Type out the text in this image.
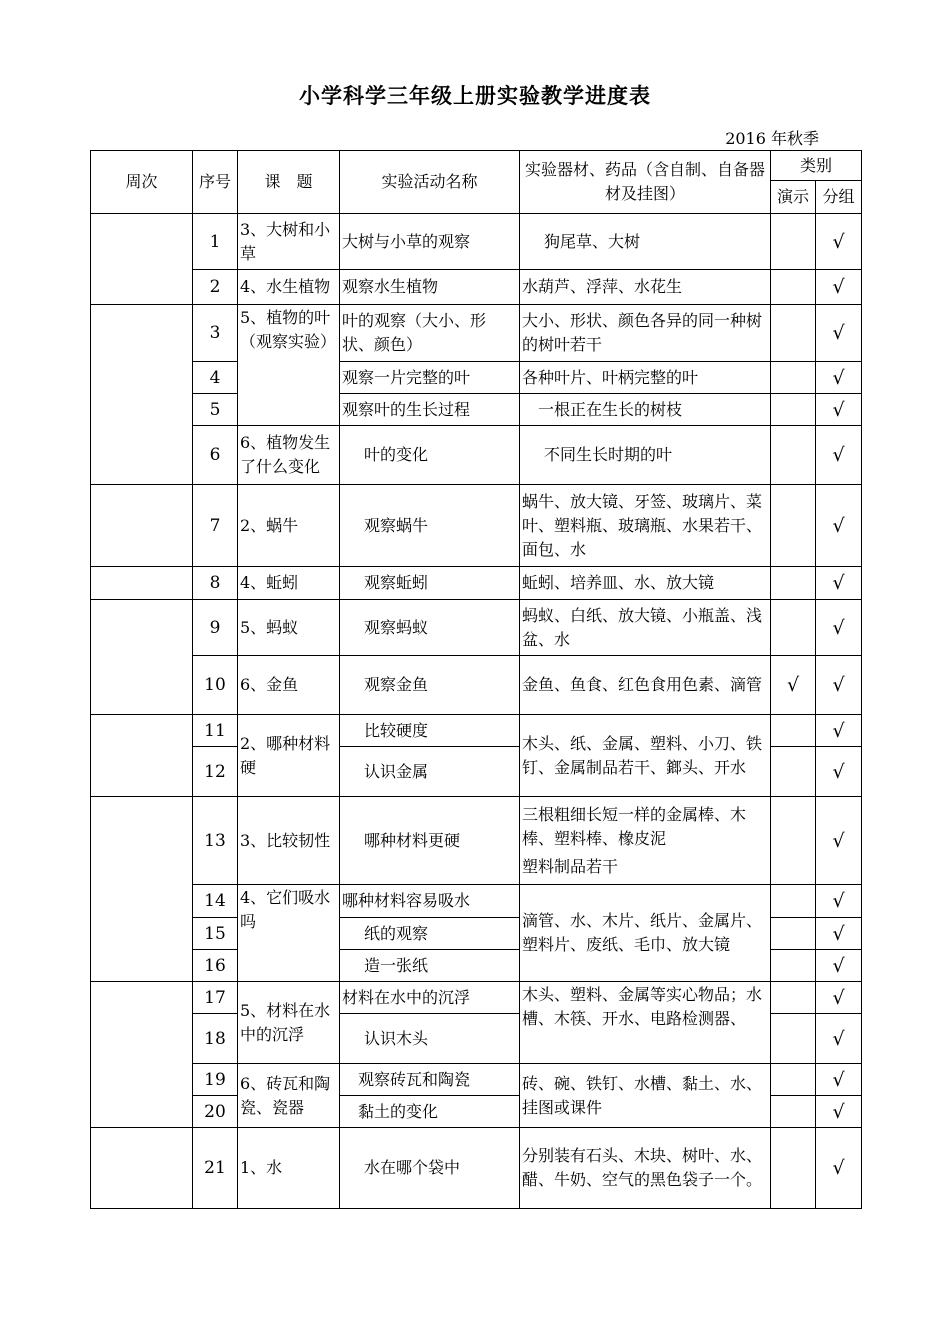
小学科学三年级上册实验教学进度表
2016 年秋季
周次	序号	课　题	实验活动名称	实验器材、药品（含自制、自备器材及挂图）	类别	
					演示	分组
	1	3、大树和小草	大树与小草的观察	狗尾草、大树		√
	2	4、水生植物	观察水生植物	水葫芦、浮萍、水花生		√
	3	5、植物的叶（观察实验）	叶的观察（大小、形状、颜色）	大小、形状、颜色各异的同一种树的树叶若干		√
	4		观察一片完整的叶	各种叶片、叶柄完整的叶		√
	5		观察叶的生长过程	一根正在生长的树枝		√
	6	6、植物发生了什么变化	叶的变化	不同生长时期的叶		√
	7	2、蜗牛	观察蜗牛	蜗牛、放大镜、牙签、玻璃片、菜叶、塑料瓶、玻璃瓶、水果若干、面包、水		√
	8	4、蚯蚓	观察蚯蚓	蚯蚓、培养皿、水、放大镜		√
	9	5、蚂蚁	观察蚂蚁	蚂蚁、白纸、放大镜、小瓶盖、浅盆、水		√
	10	6、金鱼	观察金鱼	金鱼、鱼食、红色食用色素、滴管	√	√
	11	2、哪种材料硬	比较硬度	木头、纸、金属、塑料、小刀、铁钉、金属制品若干、鎯头、开水		√
	12		认识金属			√
	13	3、比较韧性	哪种材料更硬	三根粗细长短一样的金属棒、木棒、塑料棒、橡皮泥
塑料制品若干		√
	14	4、它们吸水吗	哪种材料容易吸水	滴管、水、木片、纸片、金属片、塑料片、废纸、毛巾、放大镜		√
	15		纸的观察			√
	16		造一张纸			√
	17	5、材料在水中的沉浮	材料在水中的沉浮	木头、塑料、金属等实心物品；水槽、木筷、开水、电路检测器、		√
	18		认识木头			√
	19	6、砖瓦和陶瓷、瓷器	观察砖瓦和陶瓷	砖、碗、铁钉、水槽、黏土、水、挂图或课件		√
	20		黏土的变化			√
	21	1、水	水在哪个袋中	分别装有石头、木块、树叶、水、醋、牛奶、空气的黑色袋子一个。		√
